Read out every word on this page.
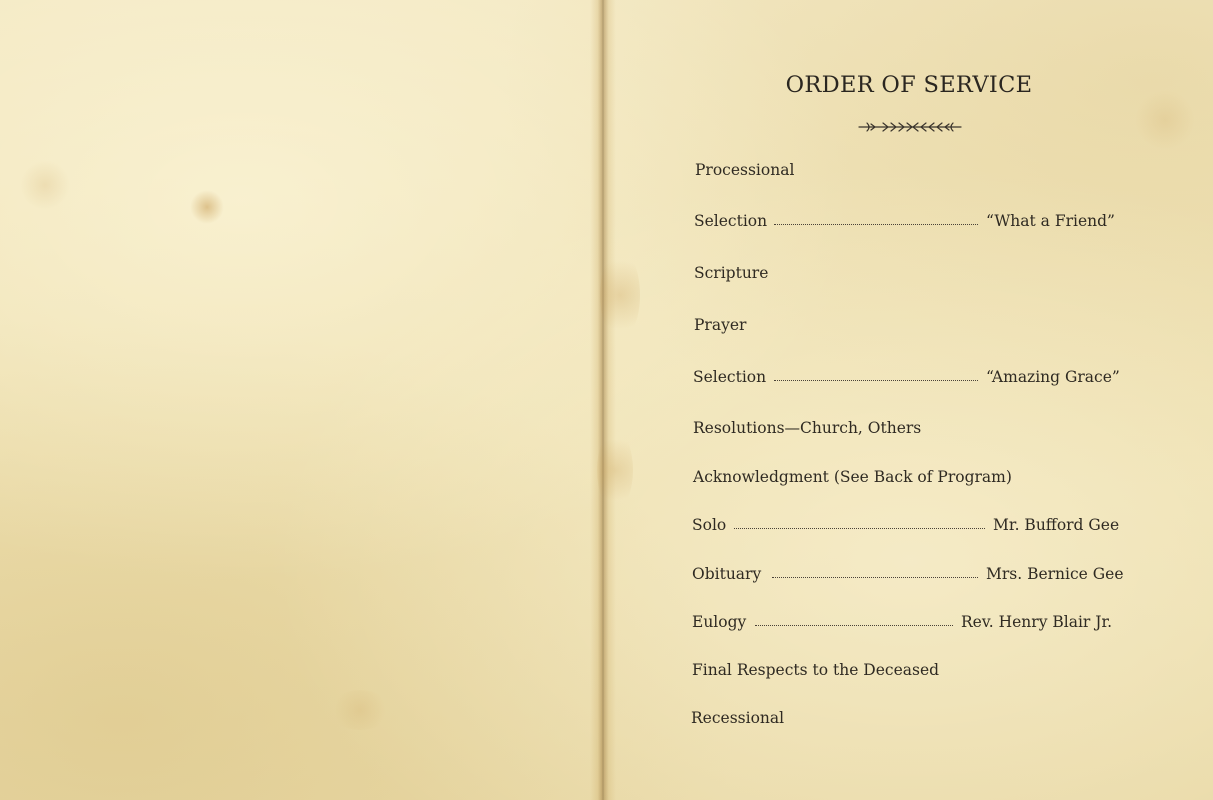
ORDER OF SERVICE
Processional
Selection	“What a Friend”
Scripture
Prayer
Selection	“Amazing Grace”
Resolutions—Church, Others
Acknowledgment (See Back of Program)
Solo	Mr. Bufford Gee
Obituary	Mrs. Bernice Gee
Eulogy	Rev. Henry Blair Jr.
Final Respects to the Deceased
Recessional
